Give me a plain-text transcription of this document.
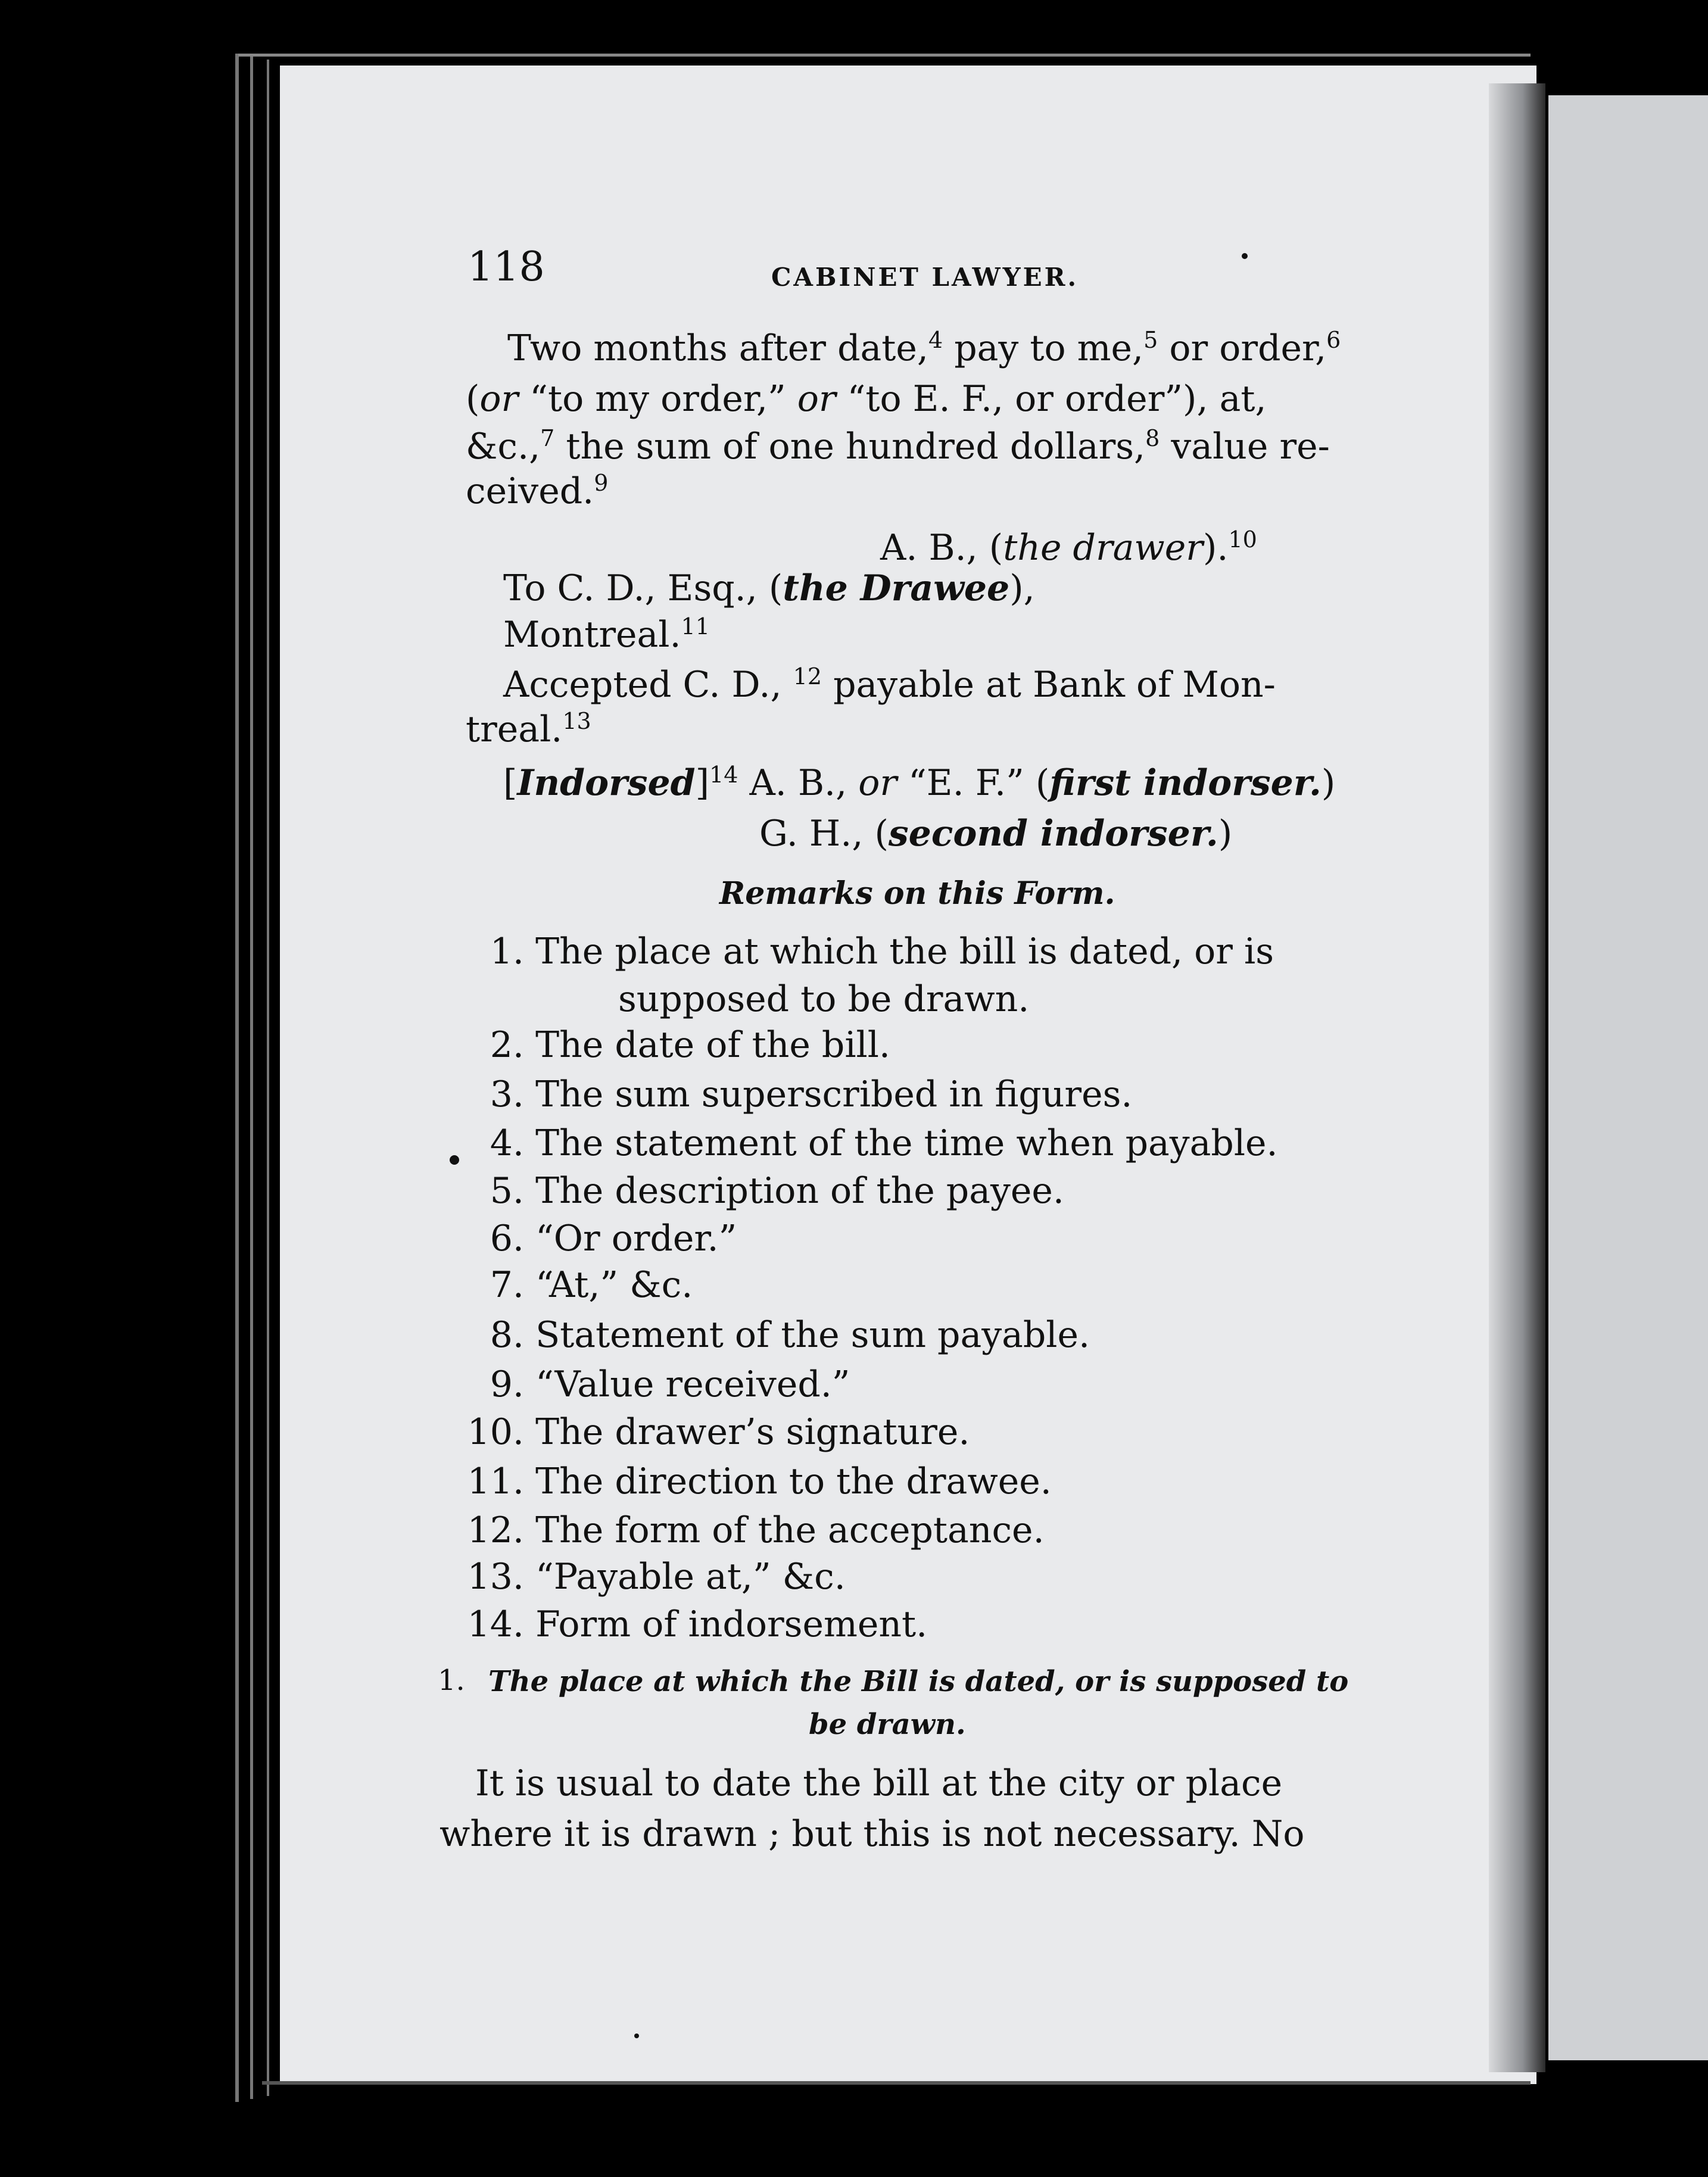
118	CABINET LAWYER.
Two months after date,$^4$ pay to me,$^5$ or order,$^6$
(or “to my order,” or “to E. F., or order”), at,
&c.,$^7$ the sum of one hundred dollars,$^8$ value re-
ceived.$^9$
A. B., (the drawer).$^{10}$
To C. D., Esq., (the Drawee),
Montreal.$^{11}$
Accepted C. D., $^{12}$ payable at Bank of Mon-
treal.$^{13}$
[Indorsed]$^{14}$ A. B., or “E. F.” (first indorser.)
G. H., (second indorser.)
Remarks on this Form.
1. The place at which the bill is dated, or is
supposed to be drawn.
2. The date of the bill.
3. The sum superscribed in figures.
4. The statement of the time when payable.
5. The description of the payee.
6. “Or order.”
7. “At,” &c.
8. Statement of the sum payable.
9. “Value received.”
10. The drawer’s signature.
11. The direction to the drawee.
12. The form of the acceptance.
13. “Payable at,” &c.
14. Form of indorsement.
1. The place at which the Bill is dated, or is supposed to
be drawn.
It is usual to date the bill at the city or place
where it is drawn ; but this is not necessary. No
